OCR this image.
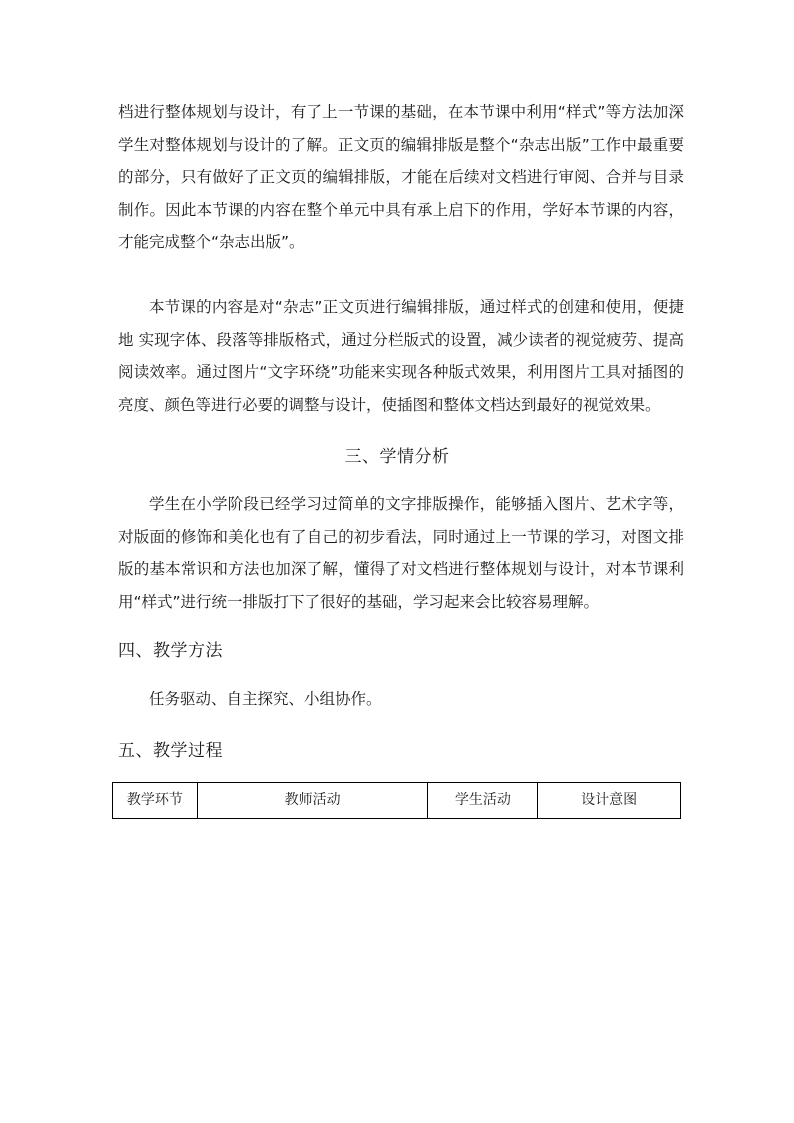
档进行整体规划与设计，有了上一节课的基础，在本节课中利用“样式”等方法加深学生对整体规划与设计的了解。正文页的编辑排版是整个“杂志出版”工作中最重要的部分，只有做好了正文页的编辑排版，才能在后续对文档进行审阅、合并与目录制作。因此本节课的内容在整个单元中具有承上启下的作用，学好本节课的内容，才能完成整个“杂志出版”。

本节课的内容是对“杂志”正文页进行编辑排版，通过样式的创建和使用，便捷地 实现字体、段落等排版格式，通过分栏版式的设置，减少读者的视觉疲劳、提高阅读效率。通过图片“文字环绕”功能来实现各种版式效果，利用图片工具对插图的亮度、颜色等进行必要的调整与设计，使插图和整体文档达到最好的视觉效果。

三、学情分析

学生在小学阶段已经学习过简单的文字排版操作，能够插入图片、艺术字等，对版面的修饰和美化也有了自己的初步看法，同时通过上一节课的学习，对图文排版的基本常识和方法也加深了解，懂得了对文档进行整体规划与设计，对本节课利用“样式”进行统一排版打下了很好的基础，学习起来会比较容易理解。

四、教学方法

任务驱动、自主探究、小组协作。

五、教学过程
教学环节	教师活动	学生活动	设计意图
